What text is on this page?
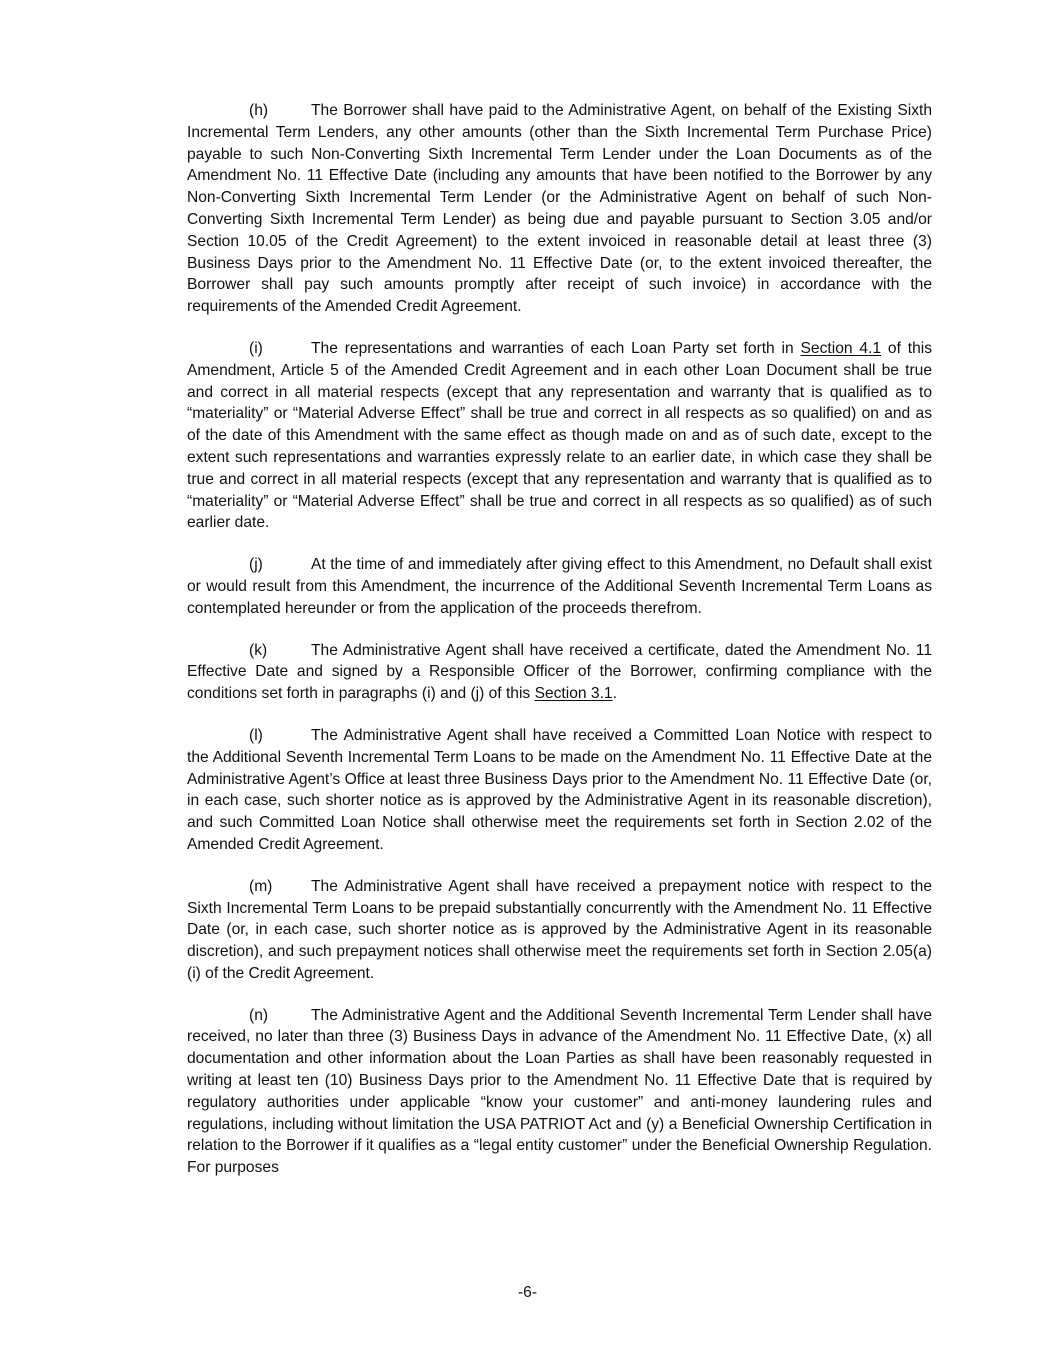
(h)	The Borrower shall have paid to the Administrative Agent, on behalf of the Existing Sixth Incremental Term Lenders, any other amounts (other than the Sixth Incremental Term Purchase Price) payable to such Non-Converting Sixth Incremental Term Lender under the Loan Documents as of the Amendment No. 11 Effective Date (including any amounts that have been notified to the Borrower by any Non-Converting Sixth Incremental Term Lender (or the Administrative Agent on behalf of such Non-Converting Sixth Incremental Term Lender) as being due and payable pursuant to Section 3.05 and/or Section 10.05 of the Credit Agreement) to the extent invoiced in reasonable detail at least three (3) Business Days prior to the Amendment No. 11 Effective Date (or, to the extent invoiced thereafter, the Borrower shall pay such amounts promptly after receipt of such invoice) in accordance with the requirements of the Amended Credit Agreement.

(i)	The representations and warranties of each Loan Party set forth in Section 4.1 of this Amendment, Article 5 of the Amended Credit Agreement and in each other Loan Document shall be true and correct in all material respects (except that any representation and warranty that is qualified as to “materiality” or “Material Adverse Effect” shall be true and correct in all respects as so qualified) on and as of the date of this Amendment with the same effect as though made on and as of such date, except to the extent such representations and warranties expressly relate to an earlier date, in which case they shall be true and correct in all material respects (except that any representation and warranty that is qualified as to “materiality” or “Material Adverse Effect” shall be true and correct in all respects as so qualified) as of such earlier date.

(j)	At the time of and immediately after giving effect to this Amendment, no Default shall exist or would result from this Amendment, the incurrence of the Additional Seventh Incremental Term Loans as contemplated hereunder or from the application of the proceeds therefrom.

(k)	The Administrative Agent shall have received a certificate, dated the Amendment No. 11 Effective Date and signed by a Responsible Officer of the Borrower, confirming compliance with the conditions set forth in paragraphs (i) and (j) of this Section 3.1.

(l)	The Administrative Agent shall have received a Committed Loan Notice with respect to the Additional Seventh Incremental Term Loans to be made on the Amendment No. 11 Effective Date at the Administrative Agent’s Office at least three Business Days prior to the Amendment No. 11 Effective Date (or, in each case, such shorter notice as is approved by the Administrative Agent in its reasonable discretion), and such Committed Loan Notice shall otherwise meet the requirements set forth in Section 2.02 of the Amended Credit Agreement.

(m) The Administrative Agent shall have received a prepayment notice with respect to the Sixth Incremental Term Loans to be prepaid substantially concurrently with the Amendment No. 11 Effective Date (or, in each case, such shorter notice as is approved by the Administrative Agent in its reasonable discretion), and such prepayment notices shall otherwise meet the requirements set forth in Section 2.05(a)(i) of the Credit Agreement.

(n)	The Administrative Agent and the Additional Seventh Incremental Term Lender shall have received, no later than three (3) Business Days in advance of the Amendment No. 11 Effective Date, (x) all documentation and other information about the Loan Parties as shall have been reasonably requested in writing at least ten (10) Business Days prior to the Amendment No. 11 Effective Date that is required by regulatory authorities under applicable “know your customer” and anti-money laundering rules and regulations, including without limitation the USA PATRIOT Act and (y) a Beneficial Ownership Certification in relation to the Borrower if it qualifies as a “legal entity customer” under the Beneficial Ownership Regulation. For purposes

-6-
